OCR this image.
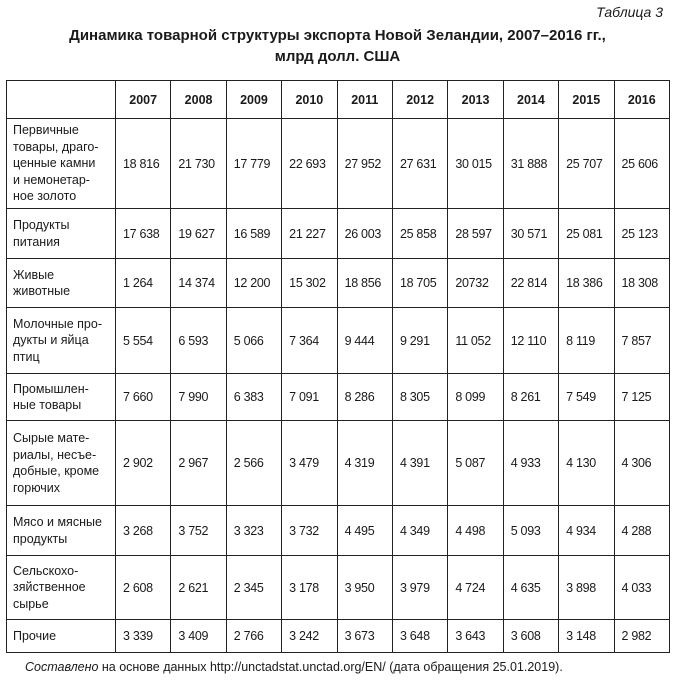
Таблица 3
Динамика товарной структуры экспорта Новой Зеландии, 2007–2016 гг.,
млрд долл. США
	2007	2008	2009	2010	2011	2012	2013	2014	2015	2016
Первичные
товары, драго-
ценные камни
и немонетар-
ное золото	18 816	21 730	17 779	22 693	27 952	27 631	30 015	31 888	25 707	25 606
Продукты
питания	17 638	19 627	16 589	21 227	26 003	25 858	28 597	30 571	25 081	25 123
Живые
животные	1 264	14 374	12 200	15 302	18 856	18 705	20732	22 814	18 386	18 308
Молочные про-
дукты и яйца
птиц	5 554	6 593	5 066	7 364	9 444	9 291	11 052	12 110	8 119	7 857
Промышлен-
ные товары	7 660	7 990	6 383	7 091	8 286	8 305	8 099	8 261	7 549	7 125
Сырые мате-
риалы, несъе-
добные, кроме
горючих	2 902	2 967	2 566	3 479	4 319	4 391	5 087	4 933	4 130	4 306
Мясо и мясные
продукты	3 268	3 752	3 323	3 732	4 495	4 349	4 498	5 093	4 934	4 288
Сельскохо-
зяйственное
сырье	2 608	2 621	2 345	3 178	3 950	3 979	4 724	4 635	3 898	4 033
Прочие	3 339	3 409	2 766	3 242	3 673	3 648	3 643	3 608	3 148	2 982
Составлено на основе данных http://unctadstat.unctad.org/EN/ (дата обращения 25.01.2019).
